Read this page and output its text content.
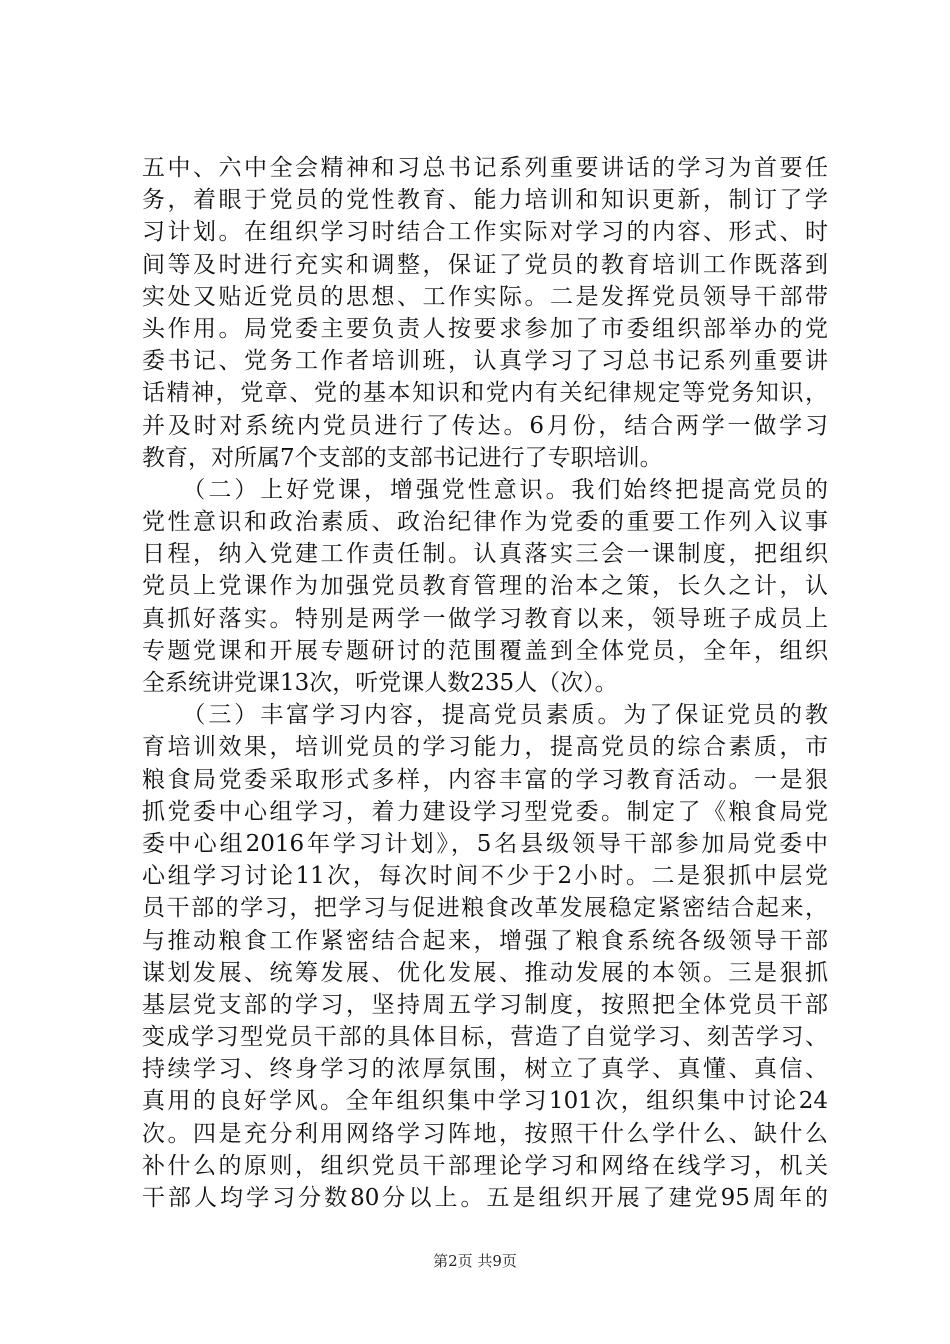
五中、六中全会精神和习总书记系列重要讲话的学习为首要任
务，着眼于党员的党性教育、能力培训和知识更新，制订了学
习计划。在组织学习时结合工作实际对学习的内容、形式、时
间等及时进行充实和调整，保证了党员的教育培训工作既落到
实处又贴近党员的思想、工作实际。二是发挥党员领导干部带
头作用。局党委主要负责人按要求参加了市委组织部举办的党
委书记、党务工作者培训班，认真学习了习总书记系列重要讲
话精神，党章、党的基本知识和党内有关纪律规定等党务知识，
并及时对系统内党员进行了传达。6月份，结合两学一做学习
教育，对所属7个支部的支部书记进行了专职培训。
　　（二）上好党课，增强党性意识。我们始终把提高党员的
党性意识和政治素质、政治纪律作为党委的重要工作列入议事
日程，纳入党建工作责任制。认真落实三会一课制度，把组织
党员上党课作为加强党员教育管理的治本之策，长久之计，认
真抓好落实。特别是两学一做学习教育以来，领导班子成员上
专题党课和开展专题研讨的范围覆盖到全体党员，全年，组织
全系统讲党课13次，听党课人数235人（次）。
　　（三）丰富学习内容，提高党员素质。为了保证党员的教
育培训效果，培训党员的学习能力，提高党员的综合素质，市
粮食局党委采取形式多样，内容丰富的学习教育活动。一是狠
抓党委中心组学习，着力建设学习型党委。制定了《粮食局党
委中心组2016年学习计划》，5名县级领导干部参加局党委中
心组学习讨论11次，每次时间不少于2小时。二是狠抓中层党
员干部的学习，把学习与促进粮食改革发展稳定紧密结合起来，
与推动粮食工作紧密结合起来，增强了粮食系统各级领导干部
谋划发展、统筹发展、优化发展、推动发展的本领。三是狠抓
基层党支部的学习，坚持周五学习制度，按照把全体党员干部
变成学习型党员干部的具体目标，营造了自觉学习、刻苦学习、
持续学习、终身学习的浓厚氛围，树立了真学、真懂、真信、
真用的良好学风。全年组织集中学习101次，组织集中讨论24
次。四是充分利用网络学习阵地，按照干什么学什么、缺什么
补什么的原则，组织党员干部理论学习和网络在线学习，机关
干部人均学习分数80分以上。五是组织开展了建党95周年的
第2页 共9页
